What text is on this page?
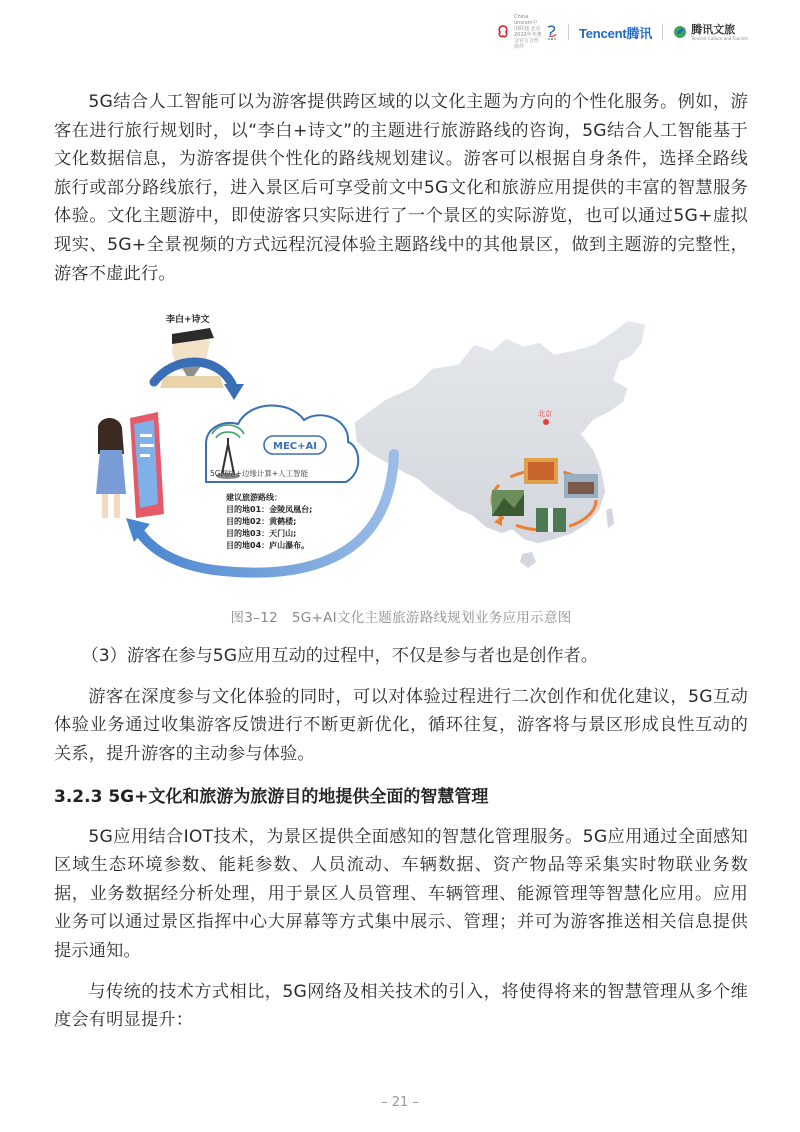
China unicom中国联通 北京2022年冬奥会官方合作伙伴
Tencent腾讯	腾讯文旅
Tencent Culture and Tourism

5G结合人工智能可以为游客提供跨区域的以文化主题为方向的个性化服务。例如，游客在进行旅行规划时，以“李白+诗文”的主题进行旅游路线的咨询，5G结合人工智能基于文化数据信息，为游客提供个性化的路线规划建议。游客可以根据自身条件，选择全路线旅行或部分路线旅行，进入景区后可享受前文中5G文化和旅游应用提供的丰富的智慧服务体验。文化主题游中，即使游客只实际进行了一个景区的实际游览，也可以通过5G+虚拟现实、5G+全景视频的方式远程沉浸体验主题路线中的其他景区，做到主题游的完整性，游客不虚此行。

北京
李白+诗文
MEC+AI
5G网络+边缘计算+人工智能
建议旅游路线：
目的地01：金陵凤凰台;
目的地02：黄鹤楼;
目的地03：天门山;
目的地04：庐山瀑布。
图3–12　5G+AI文化主题旅游路线规划业务应用示意图
（3）游客在参与5G应用互动的过程中，不仅是参与者也是创作者。

游客在深度参与文化体验的同时，可以对体验过程进行二次创作和优化建议，5G互动体验业务通过收集游客反馈进行不断更新优化，循环往复，游客将与景区形成良性互动的关系，提升游客的主动参与体验。

3.2.3 5G+文化和旅游为旅游目的地提供全面的智慧管理

5G应用结合IOT技术，为景区提供全面感知的智慧化管理服务。5G应用通过全面感知区域生态环境参数、能耗参数、人员流动、车辆数据、资产物品等采集实时物联业务数据，业务数据经分析处理，用于景区人员管理、车辆管理、能源管理等智慧化应用。应用业务可以通过景区指挥中心大屏幕等方式集中展示、管理；并可为游客推送相关信息提供提示通知。

与传统的技术方式相比，5G网络及相关技术的引入，将使得将来的智慧管理从多个维度会有明显提升：

– 21 –
